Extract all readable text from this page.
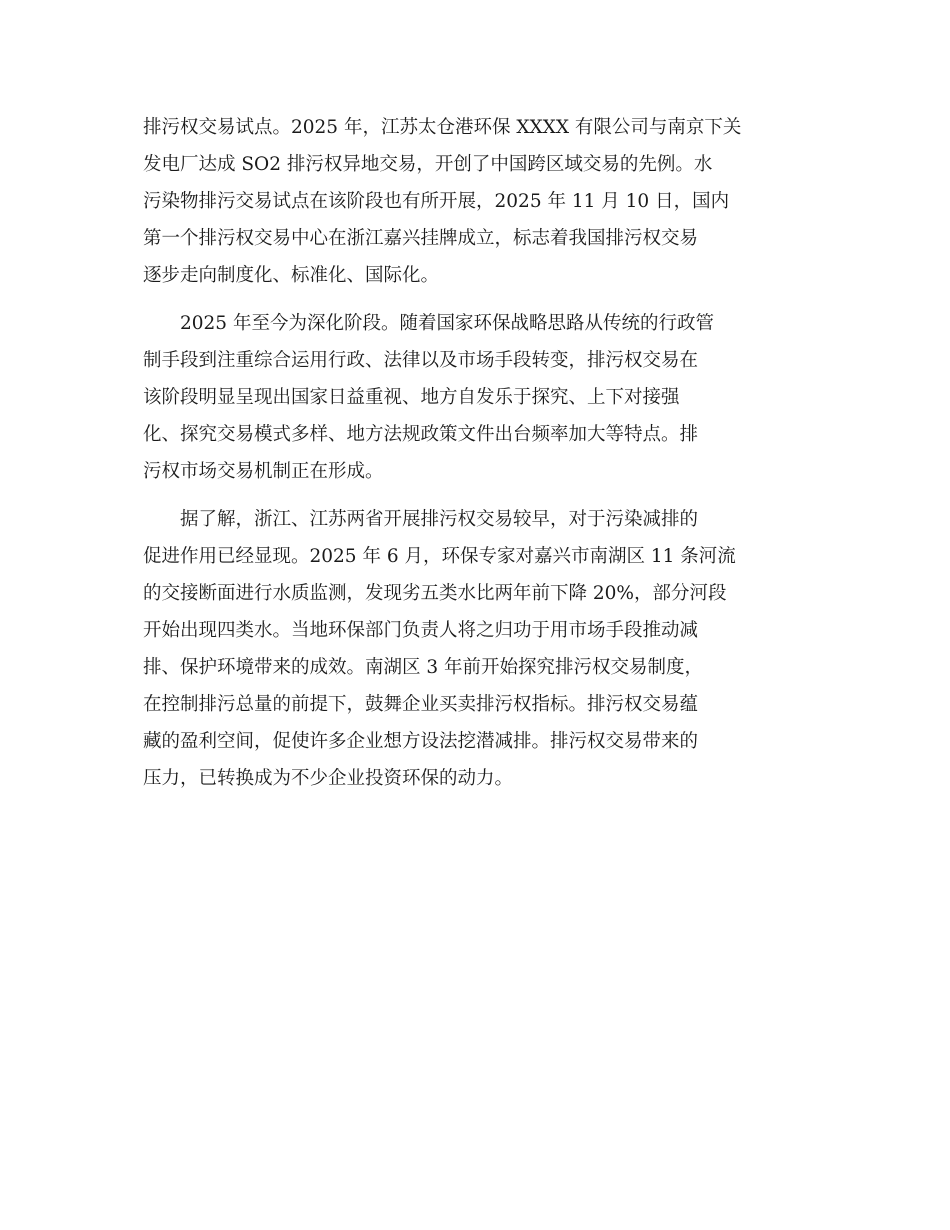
排污权交易试点。2025 年，江苏太仓港环保 XXXX 有限公司与南京下关
发电厂达成 SO2 排污权异地交易，开创了中国跨区域交易的先例。水
污染物排污交易试点在该阶段也有所开展，2025 年 11 月 10 日，国内
第一个排污权交易中心在浙江嘉兴挂牌成立，标志着我国排污权交易
逐步走向制度化、标准化、国际化。

　　2025 年至今为深化阶段。随着国家环保战略思路从传统的行政管
制手段到注重综合运用行政、法律以及市场手段转变，排污权交易在
该阶段明显呈现出国家日益重视、地方自发乐于探究、上下对接强
化、探究交易模式多样、地方法规政策文件出台频率加大等特点。排
污权市场交易机制正在形成。

　　据了解，浙江、江苏两省开展排污权交易较早，对于污染减排的
促进作用已经显现。2025 年 6 月，环保专家对嘉兴市南湖区 11 条河流
的交接断面进行水质监测，发现劣五类水比两年前下降 20%，部分河段
开始出现四类水。当地环保部门负责人将之归功于用市场手段推动减
排、保护环境带来的成效。南湖区 3 年前开始探究排污权交易制度，
在控制排污总量的前提下，鼓舞企业买卖排污权指标。排污权交易蕴
藏的盈利空间，促使许多企业想方设法挖潜减排。排污权交易带来的
压力，已转换成为不少企业投资环保的动力。
